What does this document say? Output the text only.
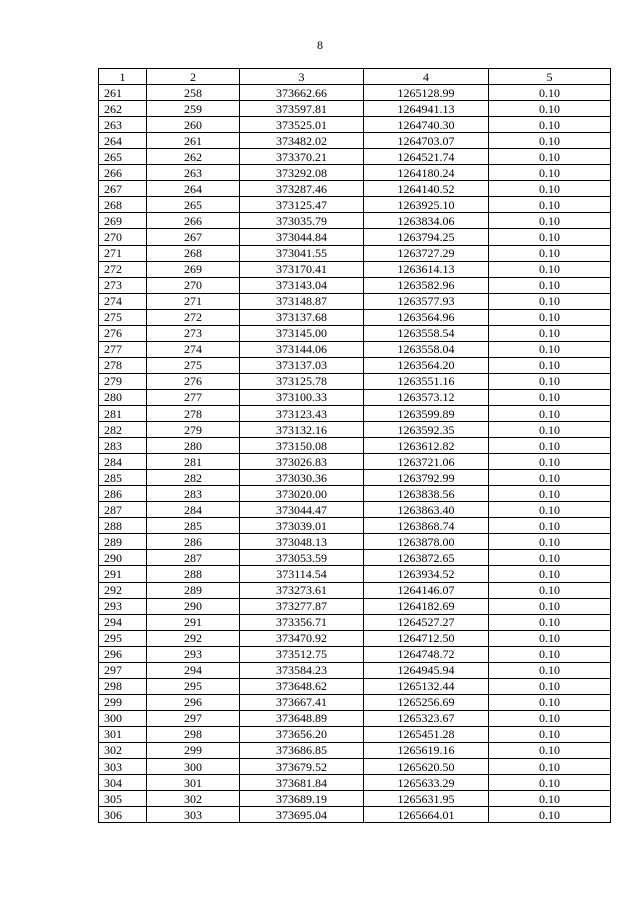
8
1	2	3	4	5
261	258	373662.66	1265128.99	0.10
262	259	373597.81	1264941.13	0.10
263	260	373525.01	1264740.30	0.10
264	261	373482.02	1264703.07	0.10
265	262	373370.21	1264521.74	0.10
266	263	373292.08	1264180.24	0.10
267	264	373287.46	1264140.52	0.10
268	265	373125.47	1263925.10	0.10
269	266	373035.79	1263834.06	0.10
270	267	373044.84	1263794.25	0.10
271	268	373041.55	1263727.29	0.10
272	269	373170.41	1263614.13	0.10
273	270	373143.04	1263582.96	0.10
274	271	373148.87	1263577.93	0.10
275	272	373137.68	1263564.96	0.10
276	273	373145.00	1263558.54	0.10
277	274	373144.06	1263558.04	0.10
278	275	373137.03	1263564.20	0.10
279	276	373125.78	1263551.16	0.10
280	277	373100.33	1263573.12	0.10
281	278	373123.43	1263599.89	0.10
282	279	373132.16	1263592.35	0.10
283	280	373150.08	1263612.82	0.10
284	281	373026.83	1263721.06	0.10
285	282	373030.36	1263792.99	0.10
286	283	373020.00	1263838.56	0.10
287	284	373044.47	1263863.40	0.10
288	285	373039.01	1263868.74	0.10
289	286	373048.13	1263878.00	0.10
290	287	373053.59	1263872.65	0.10
291	288	373114.54	1263934.52	0.10
292	289	373273.61	1264146.07	0.10
293	290	373277.87	1264182.69	0.10
294	291	373356.71	1264527.27	0.10
295	292	373470.92	1264712.50	0.10
296	293	373512.75	1264748.72	0.10
297	294	373584.23	1264945.94	0.10
298	295	373648.62	1265132.44	0.10
299	296	373667.41	1265256.69	0.10
300	297	373648.89	1265323.67	0.10
301	298	373656.20	1265451.28	0.10
302	299	373686.85	1265619.16	0.10
303	300	373679.52	1265620.50	0.10
304	301	373681.84	1265633.29	0.10
305	302	373689.19	1265631.95	0.10
306	303	373695.04	1265664.01	0.10
